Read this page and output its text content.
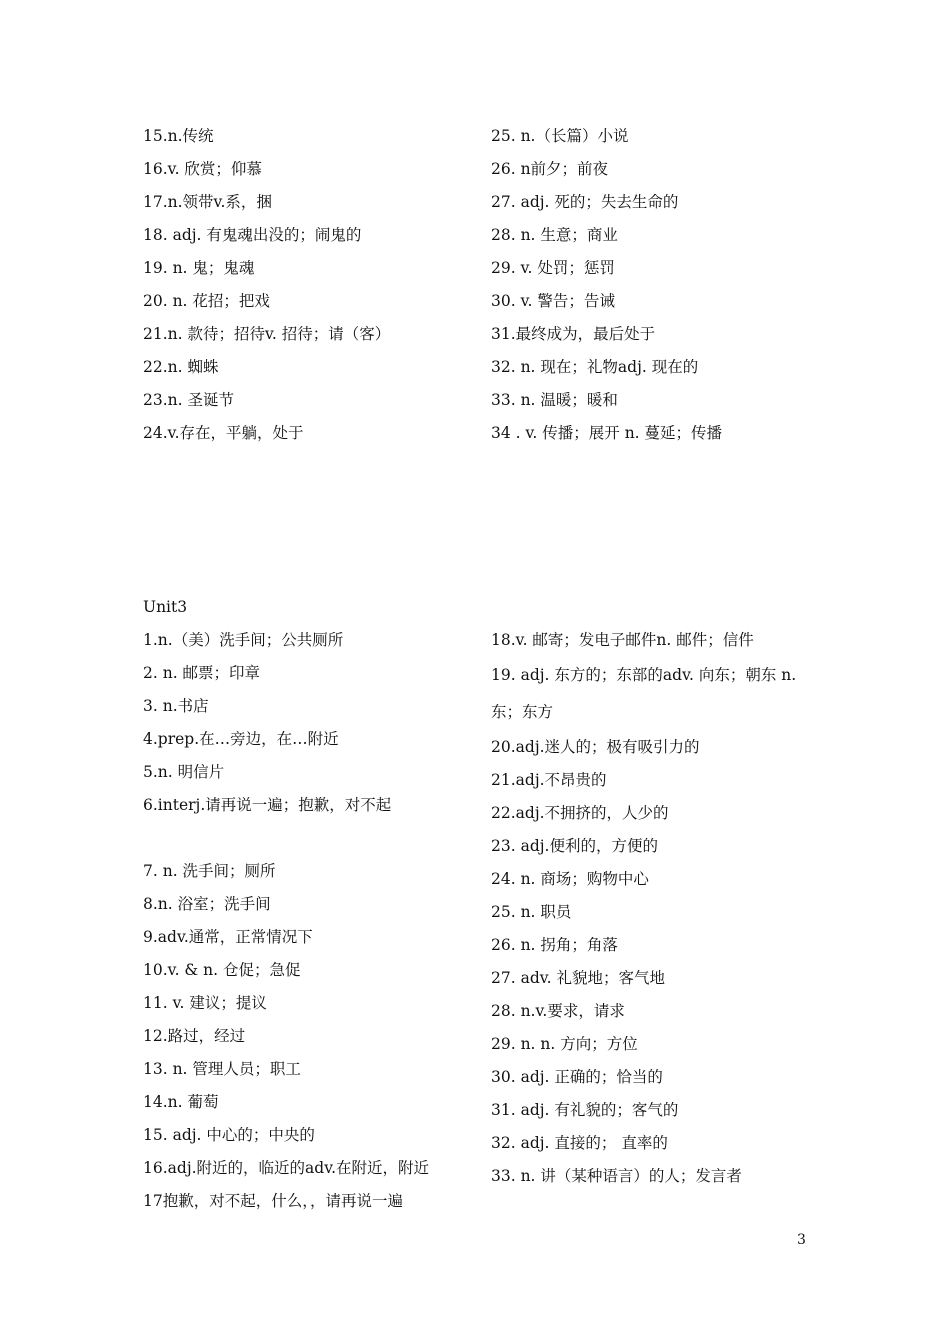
15.n.传统
16.v. 欣赏；仰慕
17.n.领带v.系，捆
18. adj. 有鬼魂出没的；闹鬼的
19. n. 鬼；鬼魂
20. n. 花招；把戏
21.n. 款待；招待v. 招待；请（客）
22.n. 蜘蛛
23.n. 圣诞节
24.v.存在，平躺，处于
25. n.（长篇）小说
26. n前夕；前夜
27. adj. 死的；失去生命的
28. n. 生意；商业
29. v. 处罚；惩罚
30. v. 警告；告诫
31.最终成为，最后处于
32. n. 现在；礼物adj. 现在的
33. n. 温暖；暖和
34 . v. 传播；展开 n. 蔓延；传播
Unit3
1.n.（美）洗手间；公共厕所
2. n. 邮票；印章
3. n.书店
4.prep.在…旁边，在…附近
5.n. 明信片
6.interj.请再说一遍；抱歉，对不起
7. n. 洗手间；厕所
8.n. 浴室；洗手间
9.adv.通常，正常情况下
10.v. & n. 仓促；急促
11. v. 建议；提议
12.路过，经过
13. n. 管理人员；职工
14.n. 葡萄
15. adj. 中心的；中央的
16.adj.附近的，临近的adv.在附近，附近
17抱歉，对不起，什么，，请再说一遍
18.v. 邮寄；发电子邮件n. 邮件；信件
19. adj. 东方的；东部的adv. 向东；朝东 n. 东；东方
20.adj.迷人的；极有吸引力的
21.adj.不昂贵的
22.adj.不拥挤的，人少的
23. adj.便利的，方便的
24. n. 商场；购物中心
25. n. 职员
26. n. 拐角；角落
27. adv. 礼貌地；客气地
28. n.v.要求，请求
29. n. n. 方向；方位
30. adj. 正确的；恰当的
31. adj. 有礼貌的；客气的
32. adj. 直接的； 直率的
33. n. 讲（某种语言）的人；发言者
3
